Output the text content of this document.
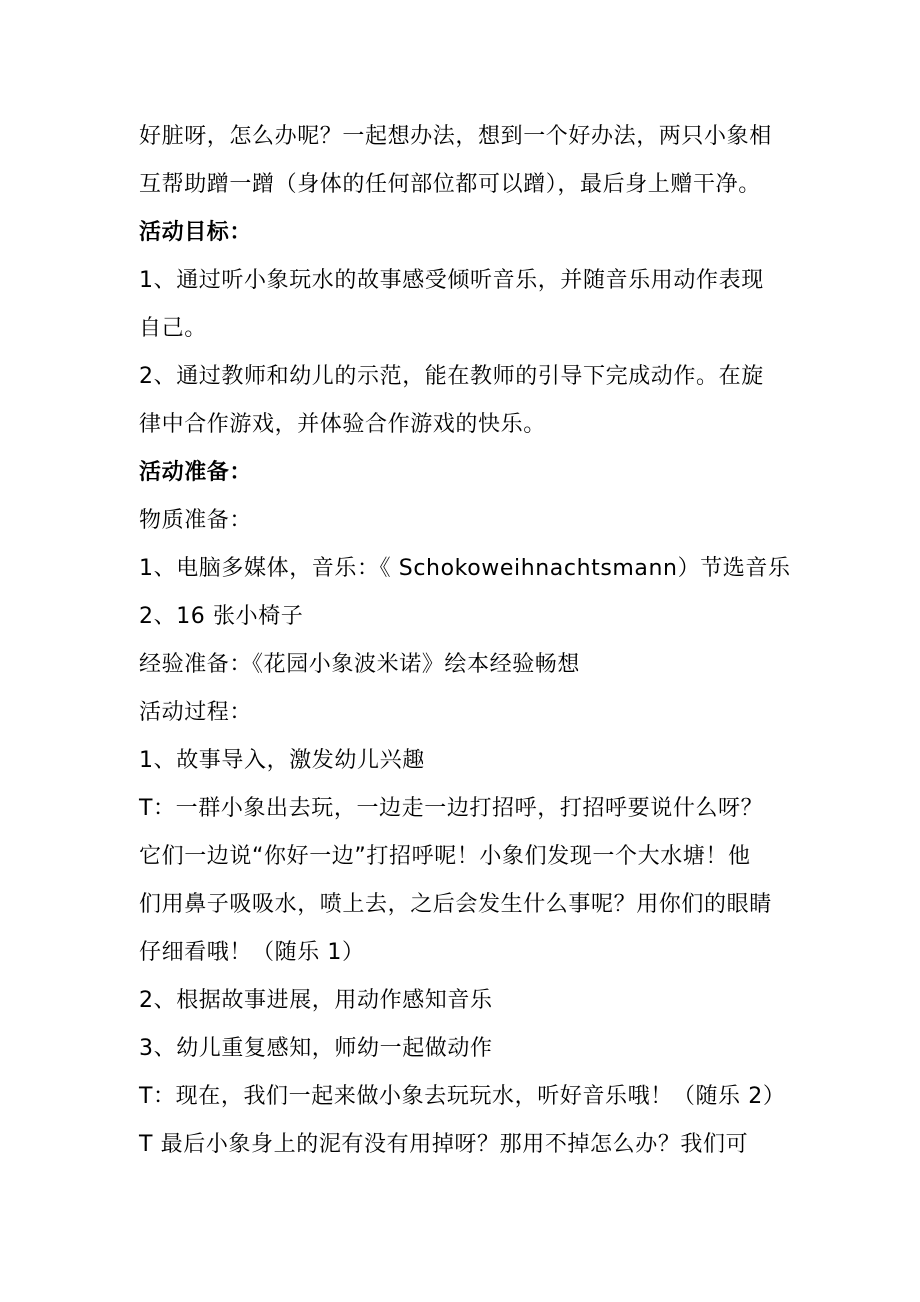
好脏呀，怎么办呢？一起想办法，想到一个好办法，两只小象相
互帮助蹭一蹭（身体的任何部位都可以蹭），最后身上赠干净。
活动目标：
1、通过听小象玩水的故事感受倾听音乐，并随音乐用动作表现
自己。
2、通过教师和幼儿的示范，能在教师的引导下完成动作。在旋
律中合作游戏，并体验合作游戏的快乐。
活动准备：
物质准备：
1、电脑多媒体，音乐：《 Schokoweihnachtsmann）节选音乐
2、16 张小椅子
经验准备：《花园小象波米诺》绘本经验畅想
活动过程：
1、故事导入，激发幼儿兴趣
T：一群小象出去玩，一边走一边打招呼，打招呼要说什么呀？
它们一边说“你好一边”打招呼呢！小象们发现一个大水塘！他
们用鼻子吸吸水，喷上去，之后会发生什么事呢？用你们的眼睛
仔细看哦！（随乐 1）
2、根据故事进展，用动作感知音乐
3、幼儿重复感知，师幼一起做动作
T：现在，我们一起来做小象去玩玩水，听好音乐哦！（随乐 2）
T 最后小象身上的泥有没有用掉呀？那用不掉怎么办？我们可
